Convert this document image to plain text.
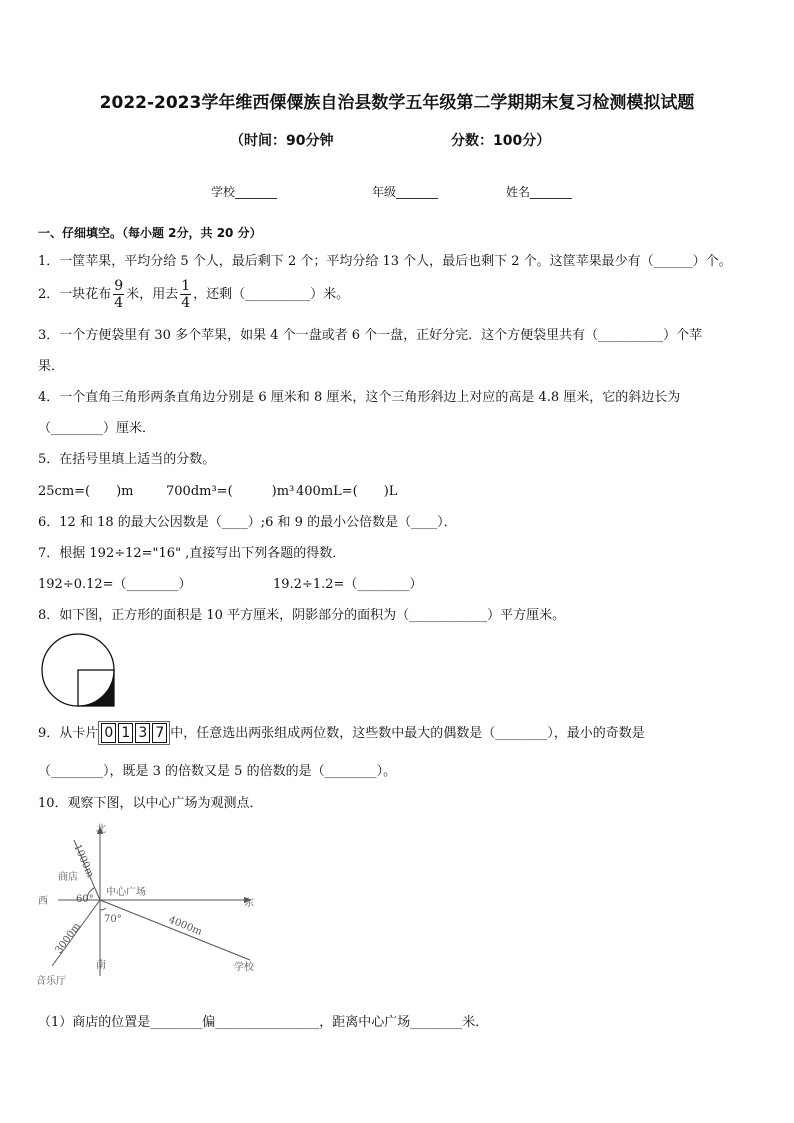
2022-2023学年维西傈僳族自治县数学五年级第二学期期末复习检测模拟试题
（时间：90分钟	分数：100分）
学校_______	年级_______	姓名_______
一、仔细填空。（每小题 2分，共 20 分）
1．一筐苹果，平均分给 5 个人，最后剩下 2 个；平均分给 13 个人，最后也剩下 2 个。这筐苹果最少有（______）个。
2．一块花布 $\frac{9}{4}$ 米，用去 $\frac{1}{4}$ ，还剩（__________）米。
3．一个方便袋里有 30 多个苹果，如果 4 个一盘或者 6 个一盘，正好分完．这个方便袋里共有（__________）个苹
果．
4．一个直角三角形两条直角边分别是 6 厘米和 8 厘米，这个三角形斜边上对应的高是 4.8 厘米，它的斜边长为
（________）厘米．
5．在括号里填上适当的分数。
25cm=(　　)m 700dm³=(　　　)m³ 400mL=(　　)L
6．12 和 18 的最大公因数是（____）;6 和 9 的最小公倍数是（____）．
7．根据 192÷12="16" ,直接写出下列各题的得数．
192÷0.12=（________）	19.2÷1.2=（________）
8．如下图，正方形的面积是 10 平方厘米，阴影部分的面积为（____________）平方厘米。
9．从卡片 0 1 3 7 中，任意选出两张组成两位数，这些数中最大的偶数是（________），最小的奇数是
（________），既是 3 的倍数又是 5 的倍数的是（________）。
10．观察下图，以中心广场为观测点．
北
南
东
西
中心广场
商店
学校
音乐厅
1000m
4000m
3000m
60°
70°
（1）商店的位置是________偏________________，距离中心广场________米．
